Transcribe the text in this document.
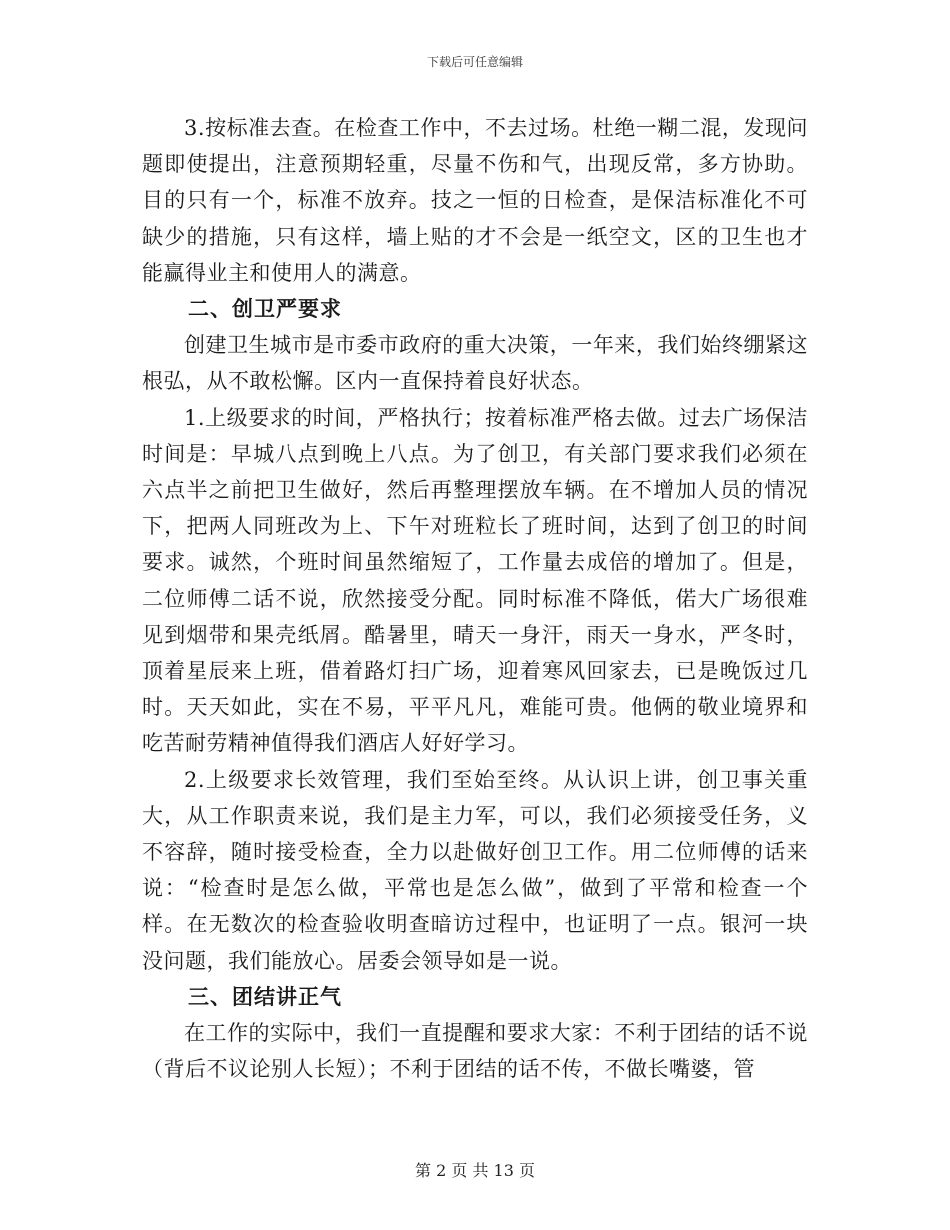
下载后可任意编辑

3.按标准去查。在检查工作中，不去过场。杜绝一糊二混，发现问题即使提出，注意预期轻重，尽量不伤和气，出现反常，多方协助。目的只有一个，标准不放弃。技之一恒的日检查，是保洁标准化不可缺少的措施，只有这样，墙上贴的才不会是一纸空文，区的卫生也才能赢得业主和使用人的满意。

二、创卫严要求

创建卫生城市是市委市政府的重大决策，一年来，我们始终绷紧这根弘，从不敢松懈。区内一直保持着良好状态。

1.上级要求的时间，严格执行；按着标准严格去做。过去广场保洁时间是：早城八点到晚上八点。为了创卫，有关部门要求我们必须在六点半之前把卫生做好，然后再整理摆放车辆。在不增加人员的情况下，把两人同班改为上、下午对班粒长了班时间，达到了创卫的时间要求。诚然，个班时间虽然缩短了，工作量去成倍的增加了。但是，二位师傅二话不说，欣然接受分配。同时标准不降低，偌大广场很难见到烟带和果壳纸屑。酷暑里，晴天一身汗，雨天一身水，严冬时，顶着星辰来上班，借着路灯扫广场，迎着寒风回家去，已是晚饭过几时。天天如此，实在不易，平平凡凡，难能可贵。他俩的敬业境界和吃苦耐劳精神值得我们酒店人好好学习。

2.上级要求长效管理，我们至始至终。从认识上讲，创卫事关重大，从工作职责来说，我们是主力军，可以，我们必须接受任务，义不容辞，随时接受检查，全力以赴做好创卫工作。用二位师傅的话来说：“检查时是怎么做，平常也是怎么做”，做到了平常和检查一个样。在无数次的检查验收明查暗访过程中，也证明了一点。银河一块没问题，我们能放心。居委会领导如是一说。

三、团结讲正气

在工作的实际中，我们一直提醒和要求大家：不利于团结的话不说（背后不议论别人长短）；不利于团结的话不传，不做长嘴婆，管

第 2 页 共 13 页
